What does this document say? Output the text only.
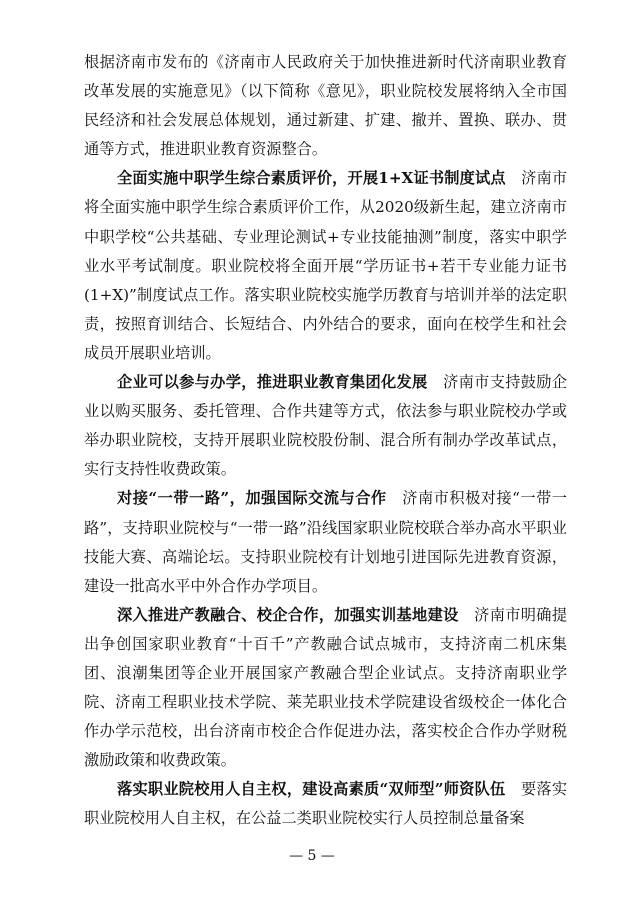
根据济南市发布的《济南市人民政府关于加快推进新时代济南职业教育改革发展的实施意见》（以下简称《意见》，职业院校发展将纳入全市国民经济和社会发展总体规划，通过新建、扩建、撤并、置换、联办、贯通等方式，推进职业教育资源整合。

全面实施中职学生综合素质评价，开展1+X证书制度试点  济南市将全面实施中职学生综合素质评价工作，从2020级新生起，建立济南市中职学校“公共基础、专业理论测试+专业技能抽测”制度，落实中职学业水平考试制度。职业院校将全面开展“学历证书+若干专业能力证书(1+X)”制度试点工作。落实职业院校实施学历教育与培训并举的法定职责，按照育训结合、长短结合、内外结合的要求，面向在校学生和社会成员开展职业培训。

企业可以参与办学，推进职业教育集团化发展  济南市支持鼓励企业以购买服务、委托管理、合作共建等方式，依法参与职业院校办学或举办职业院校，支持开展职业院校股份制、混合所有制办学改革试点，实行支持性收费政策。

对接“一带一路”，加强国际交流与合作  济南市积极对接“一带一路”，支持职业院校与“一带一路”沿线国家职业院校联合举办高水平职业技能大赛、高端论坛。支持职业院校有计划地引进国际先进教育资源，建设一批高水平中外合作办学项目。

深入推进产教融合、校企合作，加强实训基地建设  济南市明确提出争创国家职业教育“十百千”产教融合试点城市，支持济南二机床集团、浪潮集团等企业开展国家产教融合型企业试点。支持济南职业学院、济南工程职业技术学院、莱芜职业技术学院建设省级校企一体化合作办学示范校，出台济南市校企合作促进办法，落实校企合作办学财税激励政策和收费政策。

落实职业院校用人自主权，建设高素质“双师型”师资队伍  要落实职业院校用人自主权，在公益二类职业院校实行人员控制总量备案

— 5 —
